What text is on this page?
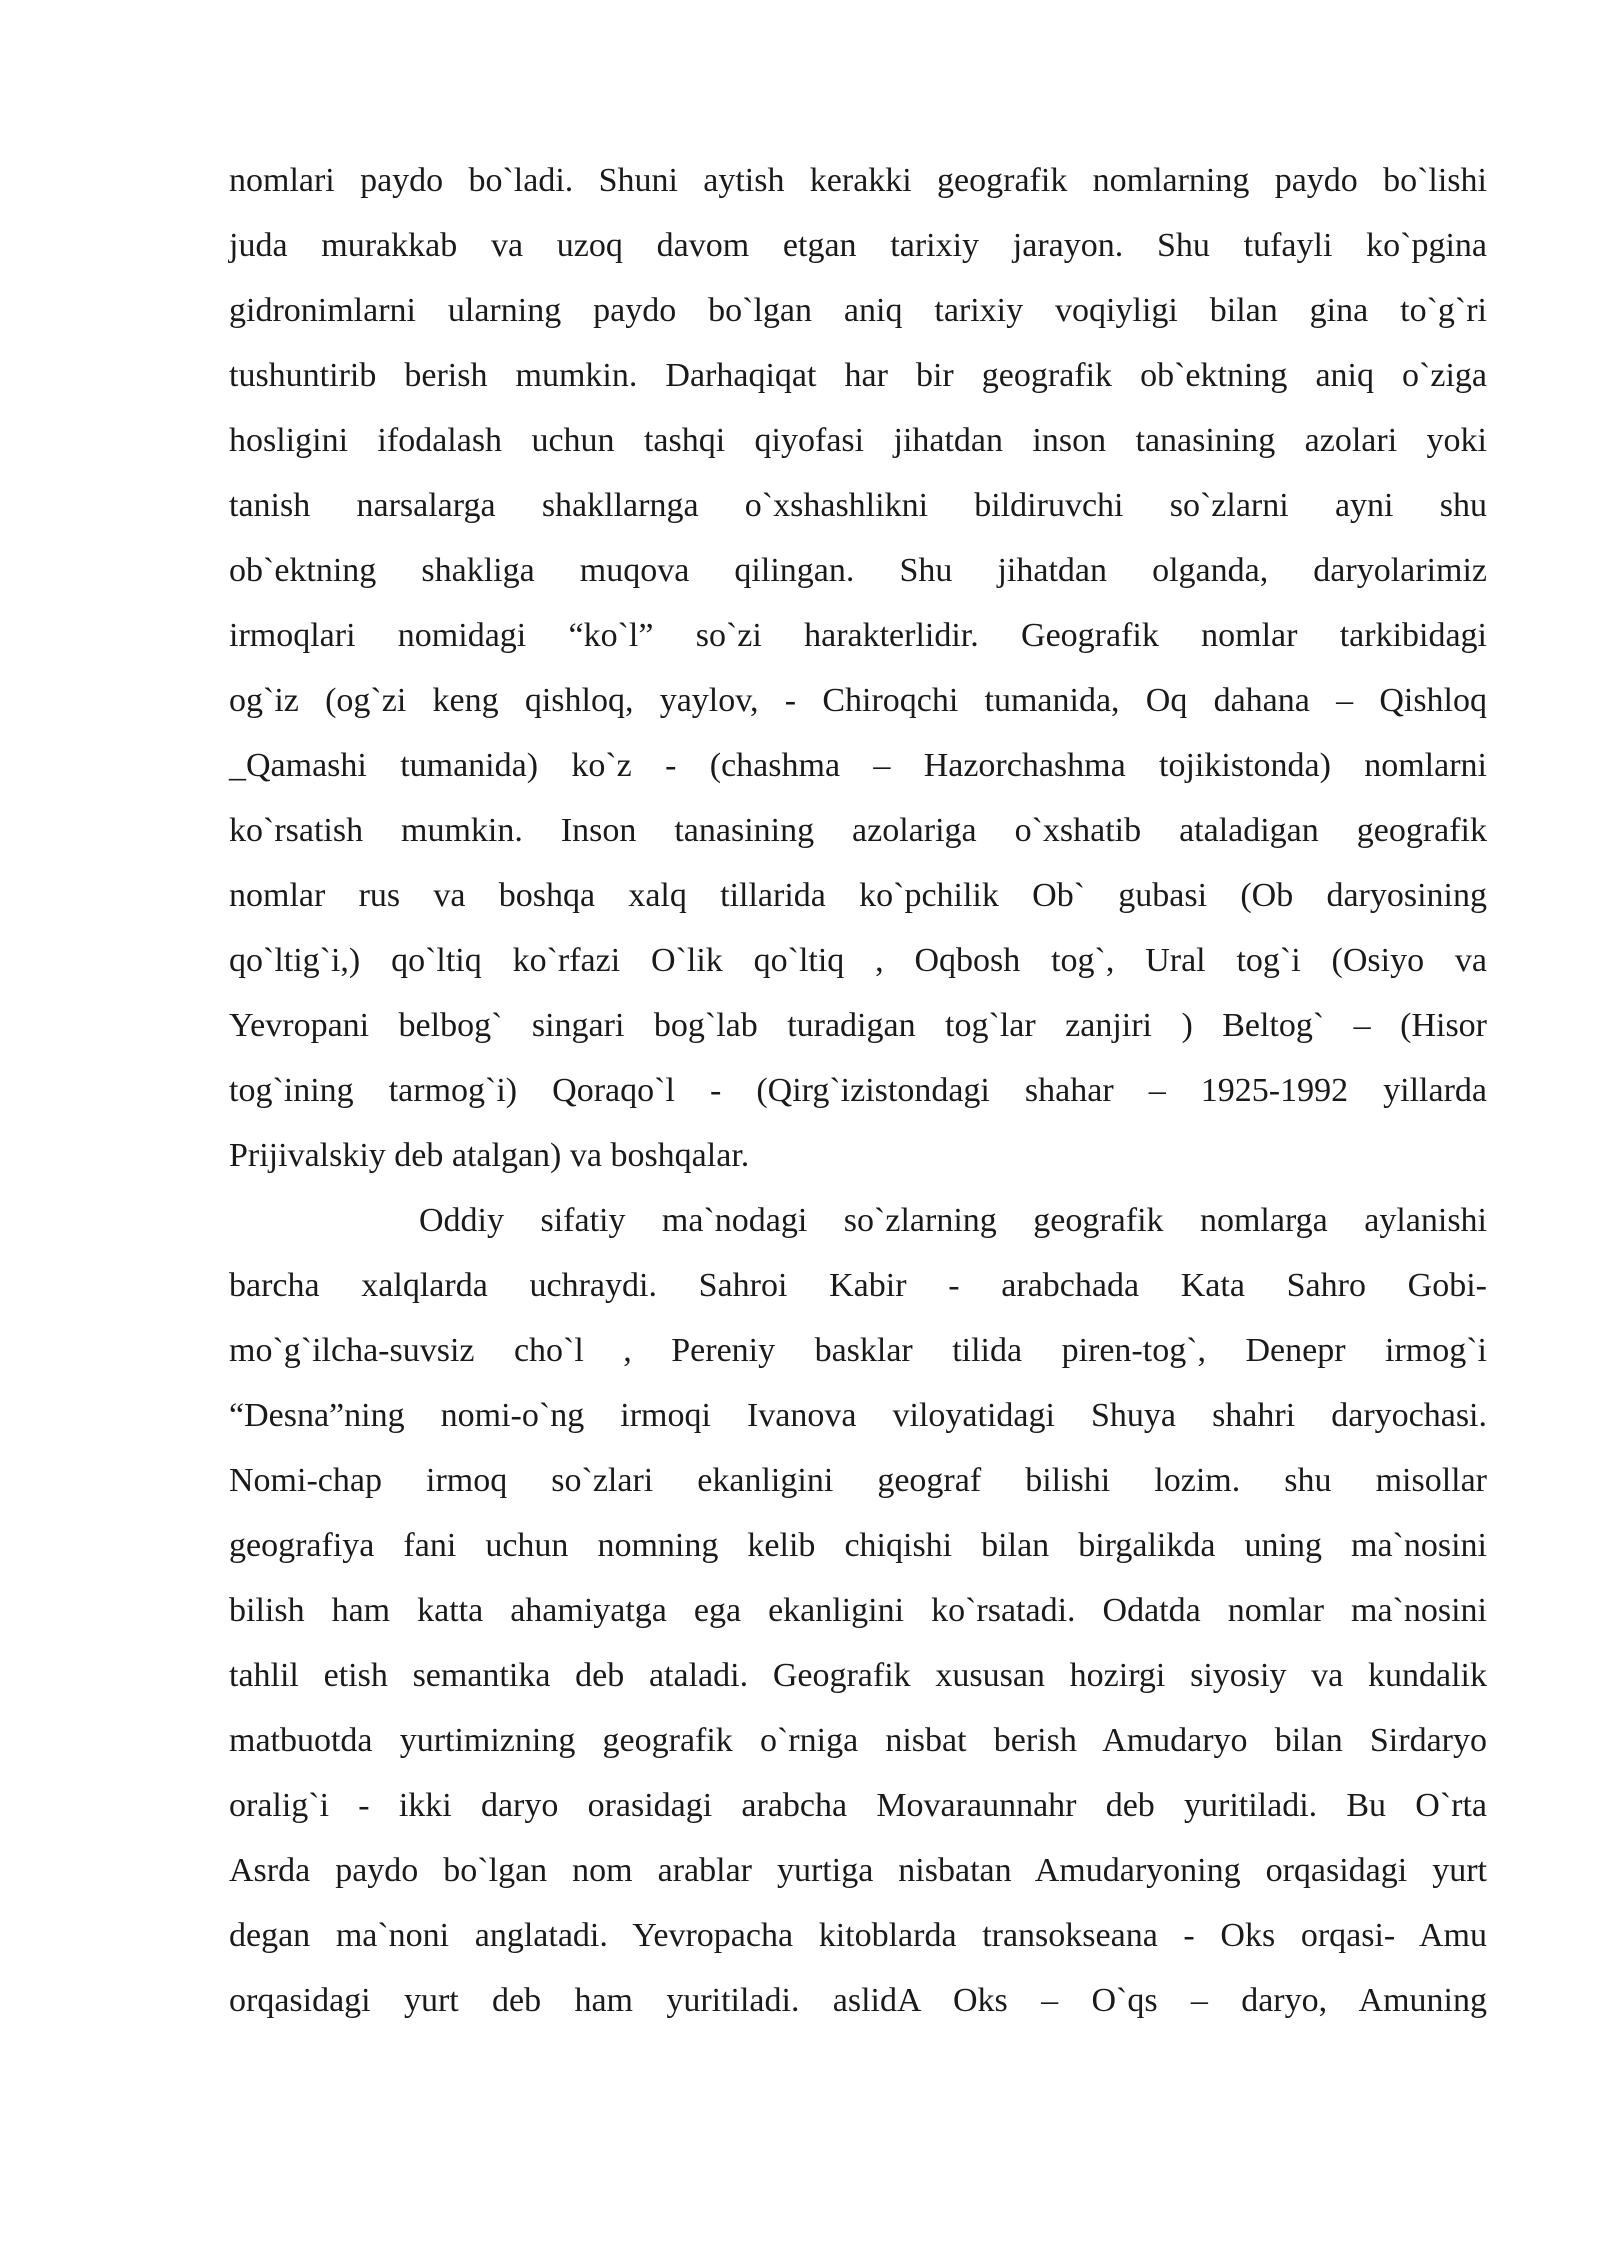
nomlari paydo bo`ladi. Shuni aytish kerakki geografik nomlarning paydo bo`lishi
juda murakkab va uzoq davom etgan tarixiy jarayon. Shu tufayli ko`pgina
gidronimlarni ularning paydo bo`lgan aniq tarixiy voqiyligi bilan gina to`g`ri
tushuntirib berish mumkin. Darhaqiqat har bir geografik ob`ektning aniq o`ziga
hosligini ifodalash uchun tashqi qiyofasi jihatdan inson tanasining azolari yoki
tanish narsalarga shakllarnga o`xshashlikni bildiruvchi so`zlarni ayni shu
ob`ektning shakliga muqova qilingan. Shu jihatdan olganda, daryolarimiz
irmoqlari nomidagi “ko`l” so`zi harakterlidir. Geografik nomlar tarkibidagi
og`iz (og`zi keng qishloq, yaylov, - Chiroqchi tumanida, Oq dahana – Qishloq
_Qamashi tumanida) ko`z - (chashma – Hazorchashma tojikistonda) nomlarni
ko`rsatish mumkin. Inson tanasining azolariga o`xshatib ataladigan geografik
nomlar rus va boshqa xalq tillarida ko`pchilik Ob` gubasi (Ob daryosining
qo`ltig`i,) qo`ltiq ko`rfazi O`lik qo`ltiq , Oqbosh tog`, Ural tog`i (Osiyo va
Yevropani belbog` singari bog`lab turadigan tog`lar zanjiri ) Beltog` – (Hisor
tog`ining tarmog`i) Qoraqo`l - (Qirg`izistondagi shahar – 1925-1992 yillarda
Prijivalskiy deb atalgan) va boshqalar.
Oddiy sifatiy ma`nodagi so`zlarning geografik nomlarga aylanishi
barcha xalqlarda uchraydi. Sahroi Kabir - arabchada Kata Sahro Gobi-
mo`g`ilcha-suvsiz cho`l , Pereniy basklar tilida piren-tog`, Denepr irmog`i
“Desna”ning nomi-o`ng irmoqi Ivanova viloyatidagi Shuya shahri daryochasi.
Nomi-chap irmoq so`zlari ekanligini geograf bilishi lozim. shu misollar
geografiya fani uchun nomning kelib chiqishi bilan birgalikda uning ma`nosini
bilish ham katta ahamiyatga ega ekanligini ko`rsatadi. Odatda nomlar ma`nosini
tahlil etish semantika deb ataladi. Geografik xususan hozirgi siyosiy va kundalik
matbuotda yurtimizning geografik o`rniga nisbat berish Amudaryo bilan Sirdaryo
oralig`i - ikki daryo orasidagi arabcha Movaraunnahr deb yuritiladi. Bu O`rta
Asrda paydo bo`lgan nom arablar yurtiga nisbatan Amudaryoning orqasidagi yurt
degan ma`noni anglatadi. Yevropacha kitoblarda transokseana - Oks orqasi- Amu
orqasidagi yurt deb ham yuritiladi. aslidA Oks – O`qs – daryo, Amuning
